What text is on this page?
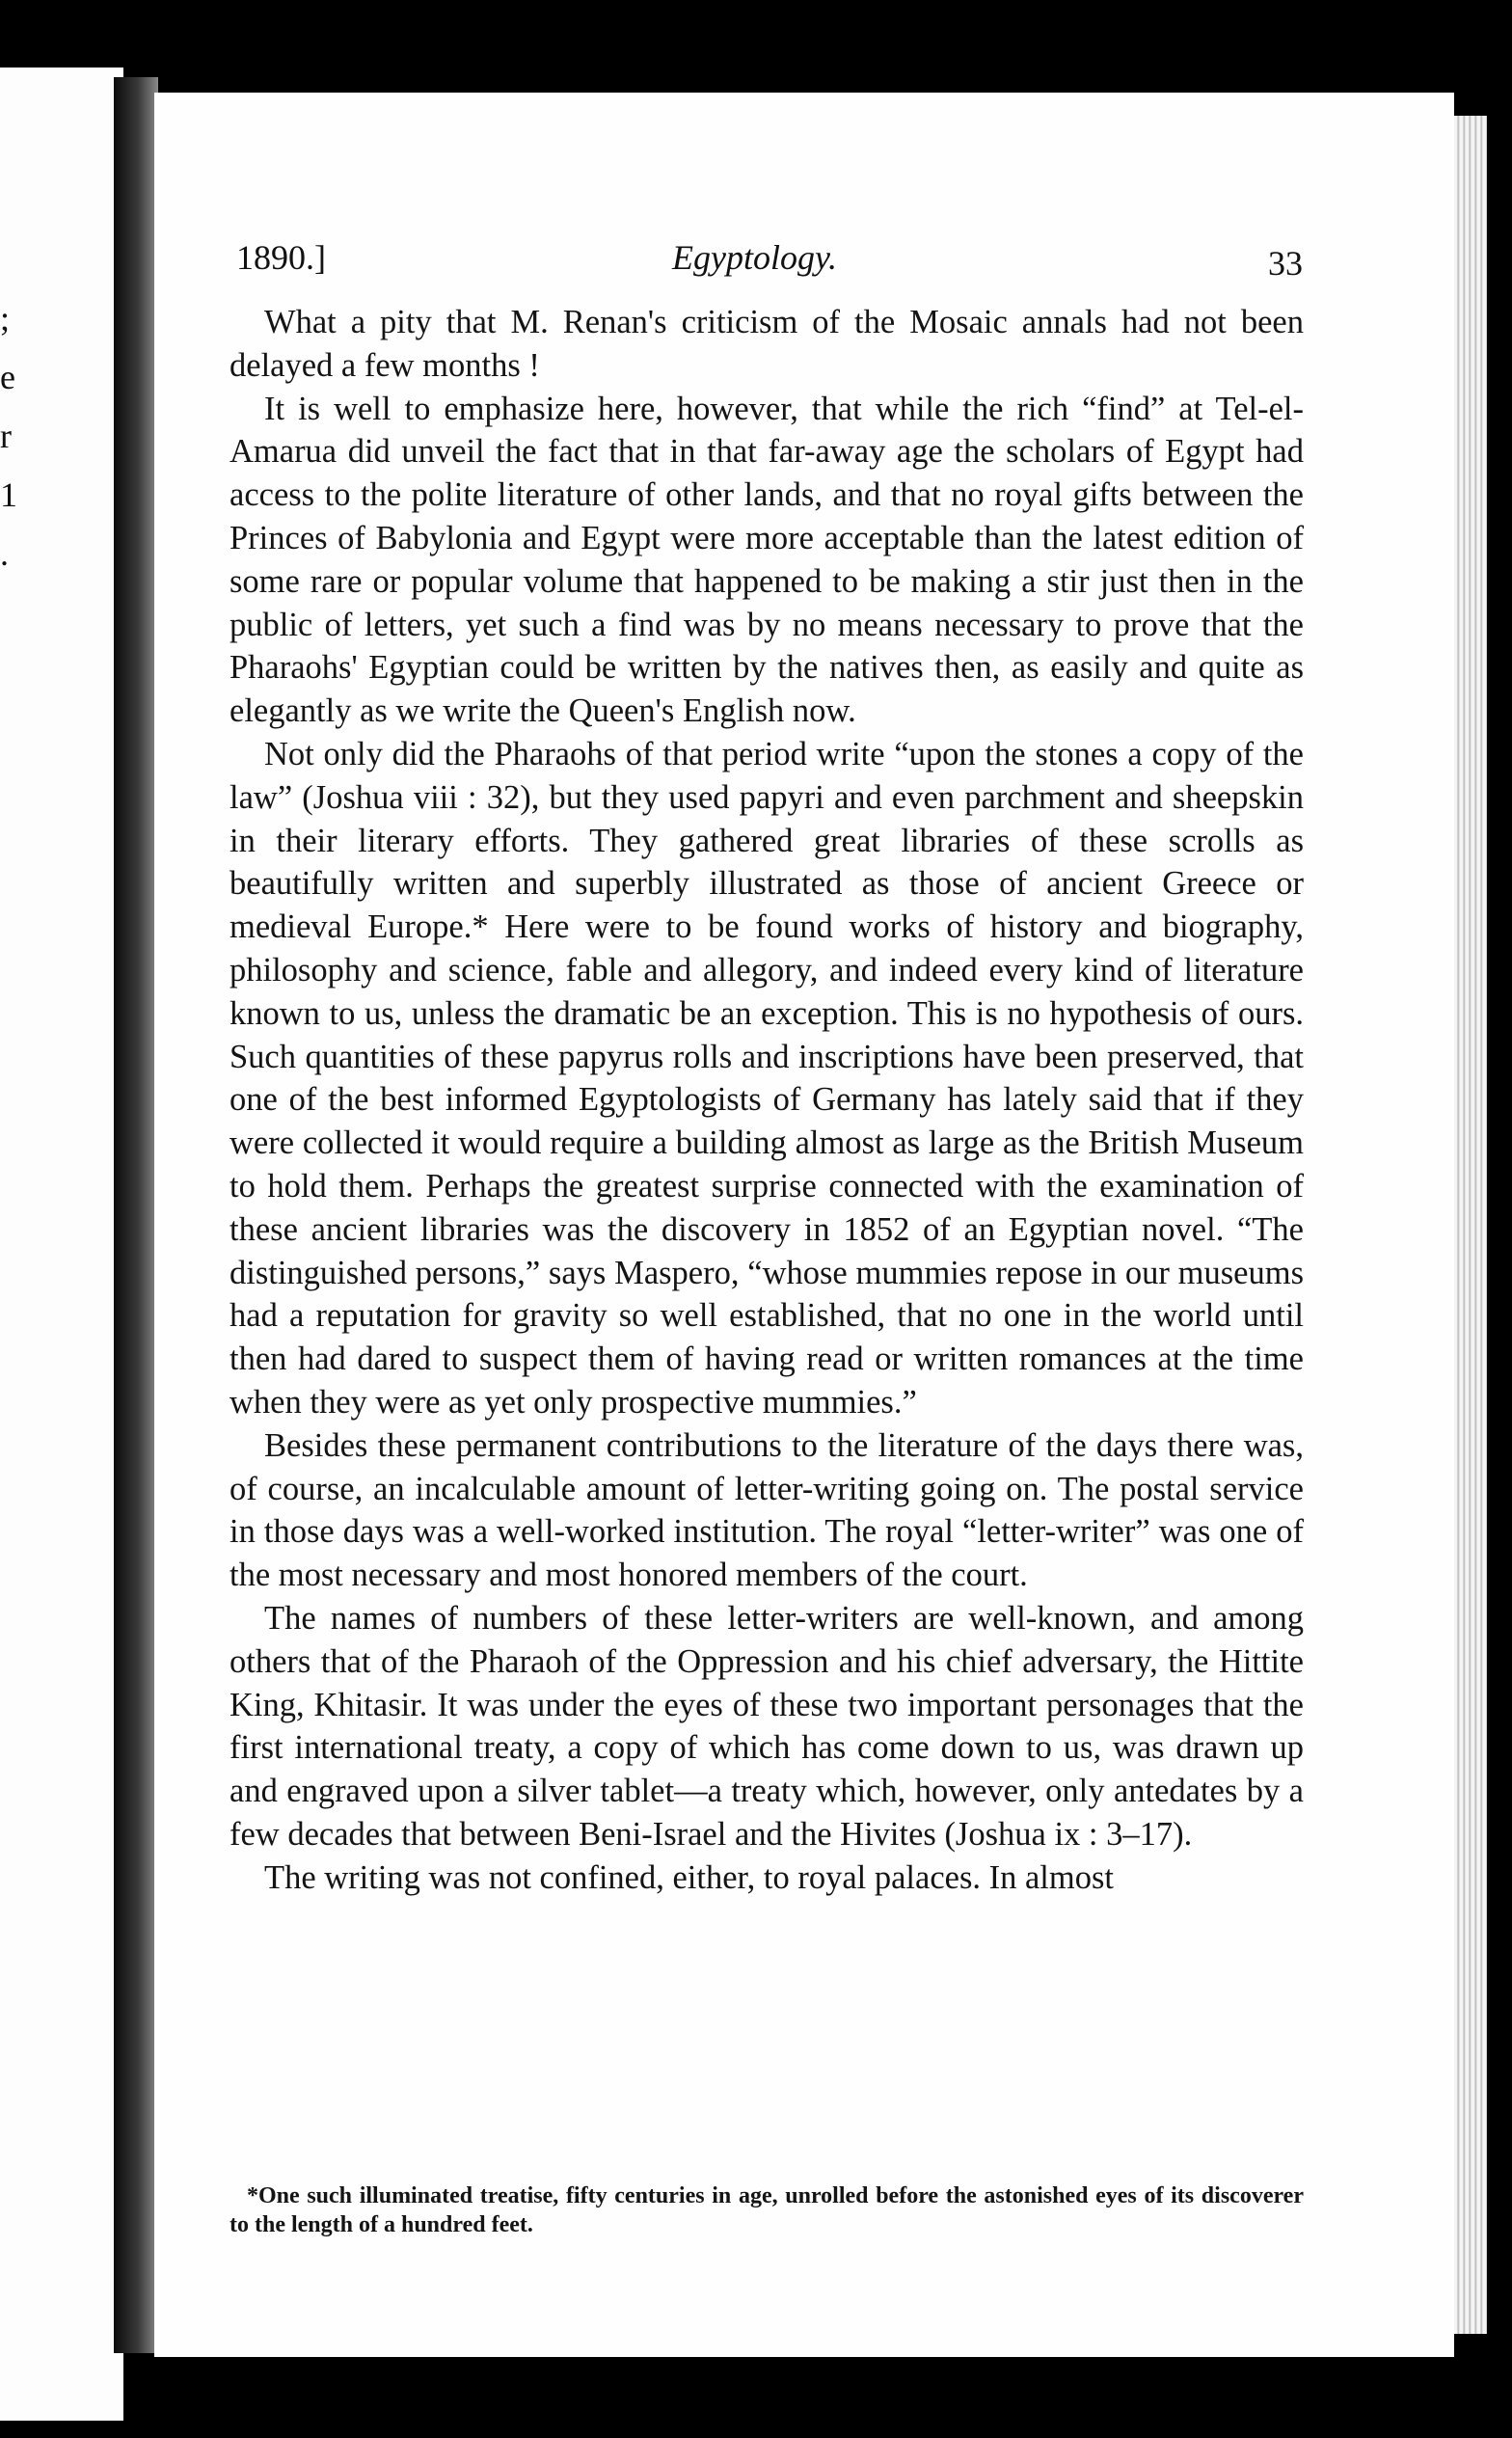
;
e
r
1
.
1890.]	Egyptology.	33

What a pity that M. Renan's criticism of the Mosaic annals had not been delayed a few months !

It is well to emphasize here, however, that while the rich “find” at Tel-el-Amarua did unveil the fact that in that far-away age the scholars of Egypt had access to the polite literature of other lands, and that no royal gifts between the Princes of Babylonia and Egypt were more acceptable than the latest edition of some rare or popular volume that happened to be making a stir just then in the public of letters, yet such a find was by no means necessary to prove that the Pharaohs' Egyptian could be written by the natives then, as easily and quite as elegantly as we write the Queen's English now.

Not only did the Pharaohs of that period write “upon the stones a copy of the law” (Joshua viii : 32), but they used papyri and even parchment and sheepskin in their literary efforts. They gathered great libraries of these scrolls as beautifully written and superbly illustrated as those of ancient Greece or medieval Europe.* Here were to be found works of history and biography, philosophy and science, fable and allegory, and indeed every kind of literature known to us, unless the dramatic be an exception. This is no hypothesis of ours. Such quantities of these papyrus rolls and inscriptions have been preserved, that one of the best informed Egyptologists of Germany has lately said that if they were collected it would require a building almost as large as the British Museum to hold them. Perhaps the greatest surprise connected with the examination of these ancient libraries was the discovery in 1852 of an Egyptian novel. “The distinguished persons,” says Maspero, “whose mummies repose in our museums had a reputation for gravity so well established, that no one in the world until then had dared to suspect them of having read or written romances at the time when they were as yet only prospective mummies.”

Besides these permanent contributions to the literature of the days there was, of course, an incalculable amount of letter-writing going on. The postal service in those days was a well-worked institution. The royal “letter-writer” was one of the most necessary and most honored members of the court.

The names of numbers of these letter-writers are well-known, and among others that of the Pharaoh of the Oppression and his chief adversary, the Hittite King, Khitasir. It was under the eyes of these two important personages that the first international treaty, a copy of which has come down to us, was drawn up and engraved upon a silver tablet—a treaty which, however, only antedates by a few decades that between Beni-Israel and the Hivites (Joshua ix : 3–17).

The writing was not confined, either, to royal palaces. In almost

*One such illuminated treatise, fifty centuries in age, unrolled before the astonished eyes of its discoverer to the length of a hundred feet.
